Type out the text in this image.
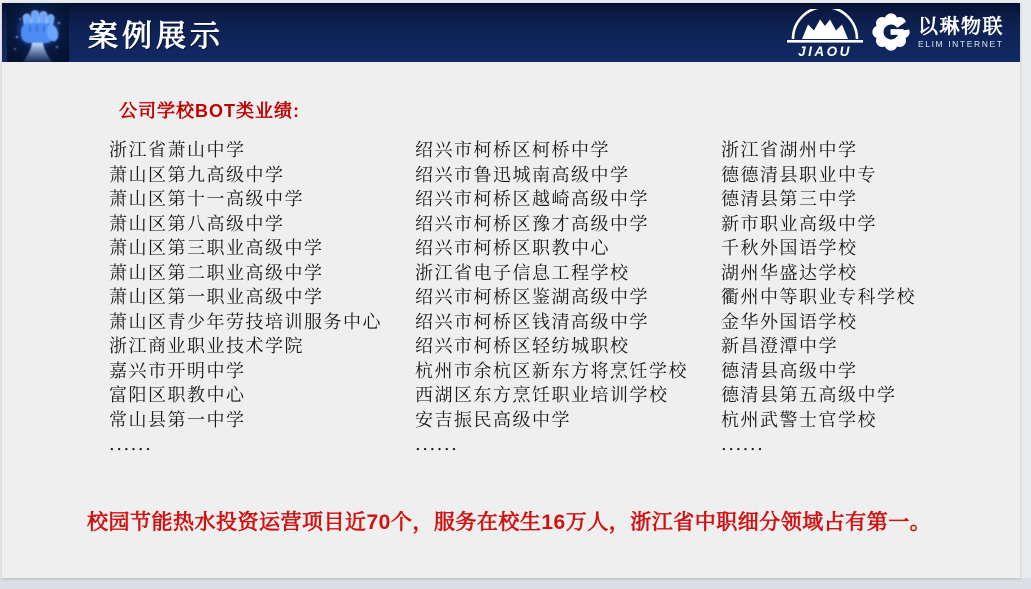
案例展示	JIAOU
以琳物联
ELIM INTERNET
公司学校BOT类业绩:
浙江省萧山中学
萧山区第九高级中学
萧山区第十一高级中学
萧山区第八高级中学
萧山区第三职业高级中学
萧山区第二职业高级中学
萧山区第一职业高级中学
萧山区青少年劳技培训服务中心
浙江商业职业技术学院
嘉兴市开明中学
富阳区职教中心
常山县第一中学
......
绍兴市柯桥区柯桥中学
绍兴市鲁迅城南高级中学
绍兴市柯桥区越崎高级中学
绍兴市柯桥区豫才高级中学
绍兴市柯桥区职教中心
浙江省电子信息工程学校
绍兴市柯桥区鉴湖高级中学
绍兴市柯桥区钱清高级中学
绍兴市柯桥区轻纺城职校
杭州市余杭区新东方将烹饪学校
西湖区东方烹饪职业培训学校
安吉振民高级中学
......
浙江省湖州中学
德德清县职业中专
德清县第三中学
新市职业高级中学
千秋外国语学校
湖州华盛达学校
衢州中等职业专科学校
金华外国语学校
新昌澄潭中学
德清县高级中学
德清县第五高级中学
杭州武警士官学校
......
校园节能热水投资运营项目近70个，服务在校生16万人，浙江省中职细分领域占有第一。
